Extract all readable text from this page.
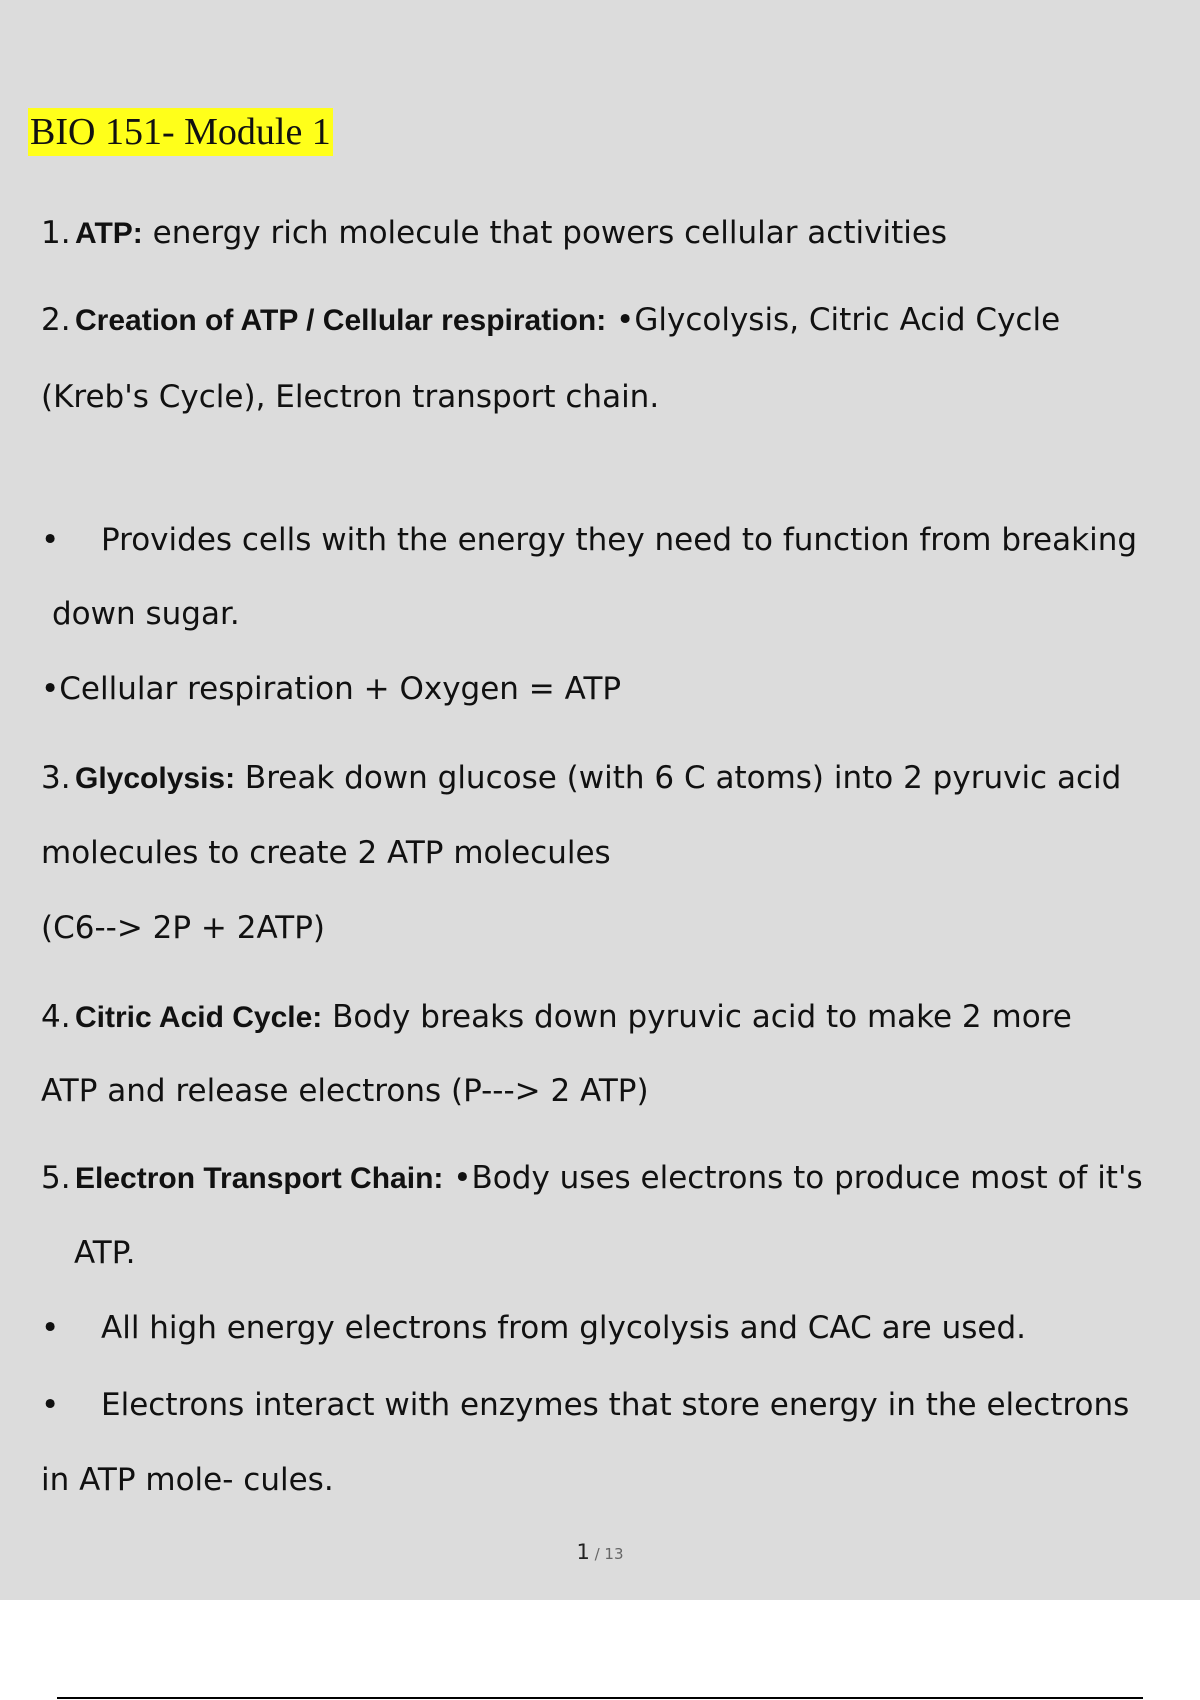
BIO 151- Module 1
1. ATP: energy rich molecule that powers cellular activities
2. Creation of ATP / Cellular respiration: •Glycolysis, Citric Acid Cycle
(Kreb's Cycle), Electron transport chain.
• Provides cells with the energy they need to function from breaking
down sugar.
•Cellular respiration + Oxygen = ATP
3. Glycolysis: Break down glucose (with 6 C atoms) into 2 pyruvic acid
molecules to create 2 ATP molecules
(C6--> 2P + 2ATP)
4. Citric Acid Cycle: Body breaks down pyruvic acid to make 2 more
ATP and release electrons (P---> 2 ATP)
5. Electron Transport Chain: •Body uses electrons to produce most of it's
ATP.
• All high energy electrons from glycolysis and CAC are used.
• Electrons interact with enzymes that store energy in the electrons
in ATP mole- cules.
1 / 13
